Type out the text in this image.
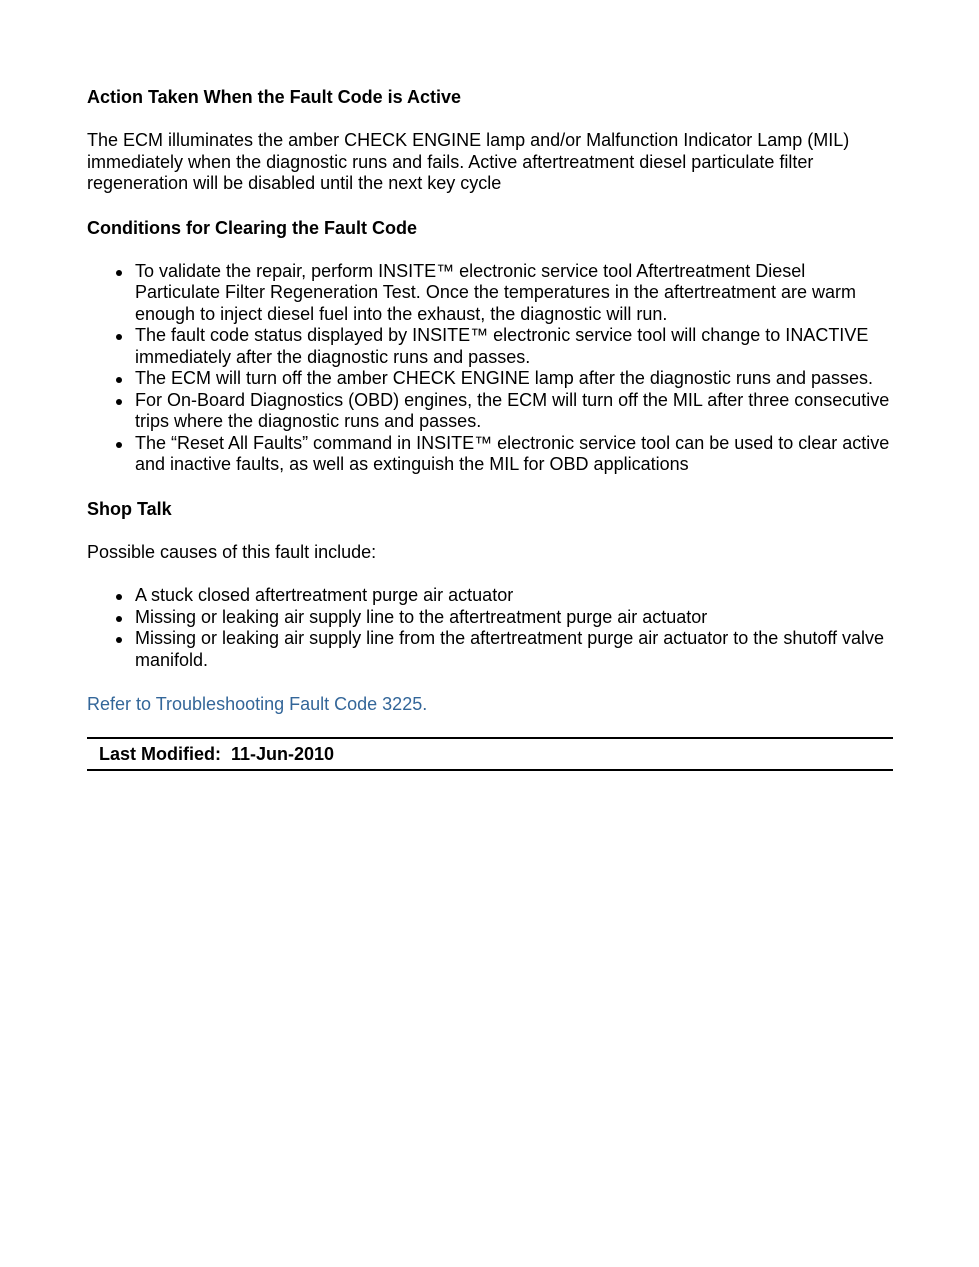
Action Taken When the Fault Code is Active

The ECM illuminates the amber CHECK ENGINE lamp and/or Malfunction Indicator Lamp (MIL) immediately when the diagnostic runs and fails. Active aftertreatment diesel particulate filter regeneration will be disabled until the next key cycle

Conditions for Clearing the Fault Code

To validate the repair, perform INSITE™ electronic service tool Aftertreatment Diesel Particulate Filter Regeneration Test. Once the temperatures in the aftertreatment are warm enough to inject diesel fuel into the exhaust, the diagnostic will run.
The fault code status displayed by INSITE™ electronic service tool will change to INACTIVE immediately after the diagnostic runs and passes.
The ECM will turn off the amber CHECK ENGINE lamp after the diagnostic runs and passes.
For On-Board Diagnostics (OBD) engines, the ECM will turn off the MIL after three consecutive trips where the diagnostic runs and passes.
The “Reset All Faults” command in INSITE™ electronic service tool can be used to clear active and inactive faults, as well as extinguish the MIL for OBD applications

Shop Talk

Possible causes of this fault include:

A stuck closed aftertreatment purge air actuator
Missing or leaking air supply line to the aftertreatment purge air actuator
Missing or leaking air supply line from the aftertreatment purge air actuator to the shutoff valve manifold.
Refer to Troubleshooting Fault Code 3225.
Last Modified:  11-Jun-2010
